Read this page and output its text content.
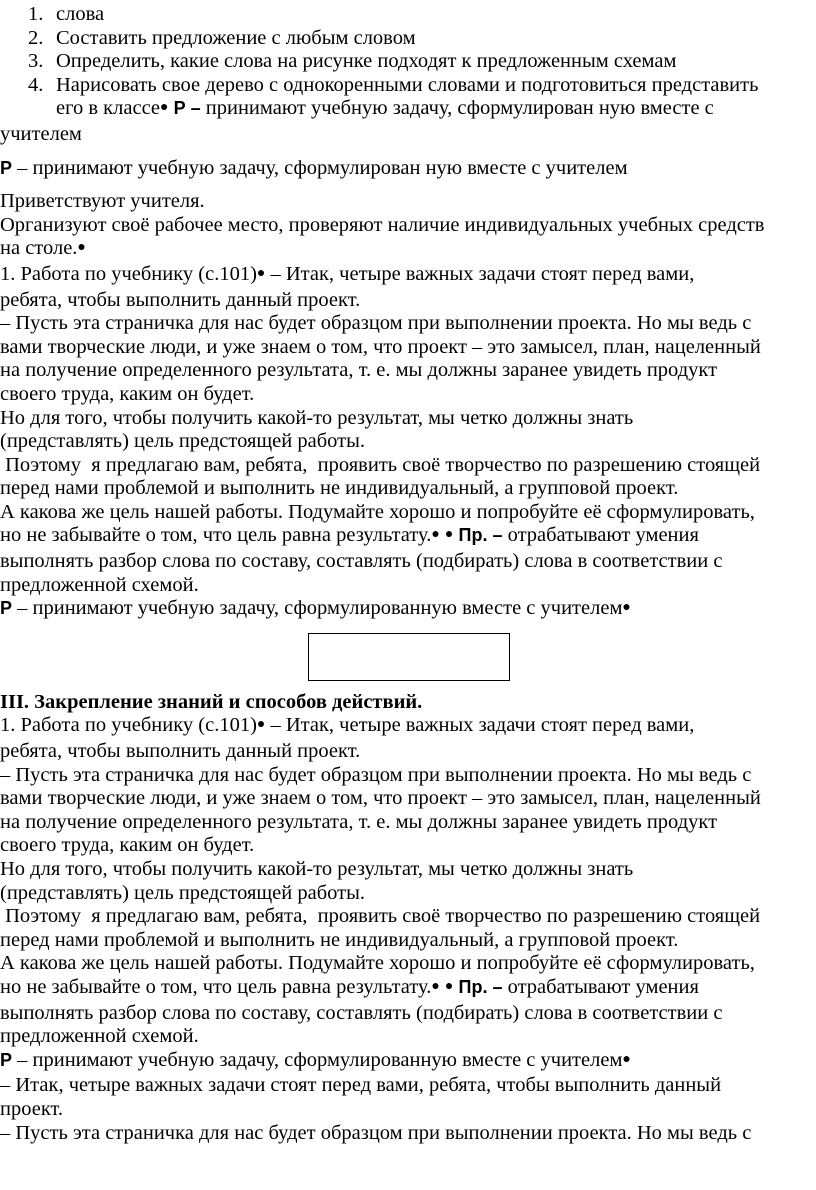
1. слова
2. Составить предложение с любым словом
3. Определить, какие слова на рисунке подходят к предложенным схемам
4. Нарисовать свое дерево с однокоренными словами и подготовиться представить
его в классе● Р – принимают учебную задачу, сформулирован ную вместе с
учителем
Р – принимают учебную задачу, сформулирован ную вместе с учителем
Приветствуют учителя.
Организуют своё рабочее место, проверяют наличие индивидуальных учебных средств
на столе.●
1. Работа по учебнику (с.101)● – Итак, четыре важных задачи стоят перед вами,
ребята, чтобы выполнить данный проект.
– Пусть эта страничка для нас будет образцом при выполнении проекта. Но мы ведь с
вами творческие люди, и уже знаем о том, что проект – это замысел, план, нацеленный
на получение определенного результата, т. е. мы должны заранее увидеть продукт
своего труда, каким он будет.
Но для того, чтобы получить какой-то результат, мы четко должны знать
(представлять) цель предстоящей работы.
Поэтому  я предлагаю вам, ребята,  проявить своё творчество по разрешению стоящей
перед нами проблемой и выполнить не индивидуальный, а групповой проект.
А какова же цель нашей работы. Подумайте хорошо и попробуйте её сформулировать,
но не забывайте о том, что цель равна результату.● ● Пр. – отрабатывают умения
выполнять разбор слова по составу, составлять (подбирать) слова в соответствии с
предложенной схемой.
Р – принимают учебную задачу, сформулированную вместе с учителем●
III. Закрепление знаний и способов действий.
1. Работа по учебнику (с.101)● – Итак, четыре важных задачи стоят перед вами,
ребята, чтобы выполнить данный проект.
– Пусть эта страничка для нас будет образцом при выполнении проекта. Но мы ведь с
вами творческие люди, и уже знаем о том, что проект – это замысел, план, нацеленный
на получение определенного результата, т. е. мы должны заранее увидеть продукт
своего труда, каким он будет.
Но для того, чтобы получить какой-то результат, мы четко должны знать
(представлять) цель предстоящей работы.
Поэтому  я предлагаю вам, ребята,  проявить своё творчество по разрешению стоящей
перед нами проблемой и выполнить не индивидуальный, а групповой проект.
А какова же цель нашей работы. Подумайте хорошо и попробуйте её сформулировать,
но не забывайте о том, что цель равна результату.● ● Пр. – отрабатывают умения
выполнять разбор слова по составу, составлять (подбирать) слова в соответствии с
предложенной схемой.
Р – принимают учебную задачу, сформулированную вместе с учителем●
– Итак, четыре важных задачи стоят перед вами, ребята, чтобы выполнить данный
проект.
– Пусть эта страничка для нас будет образцом при выполнении проекта. Но мы ведь с
